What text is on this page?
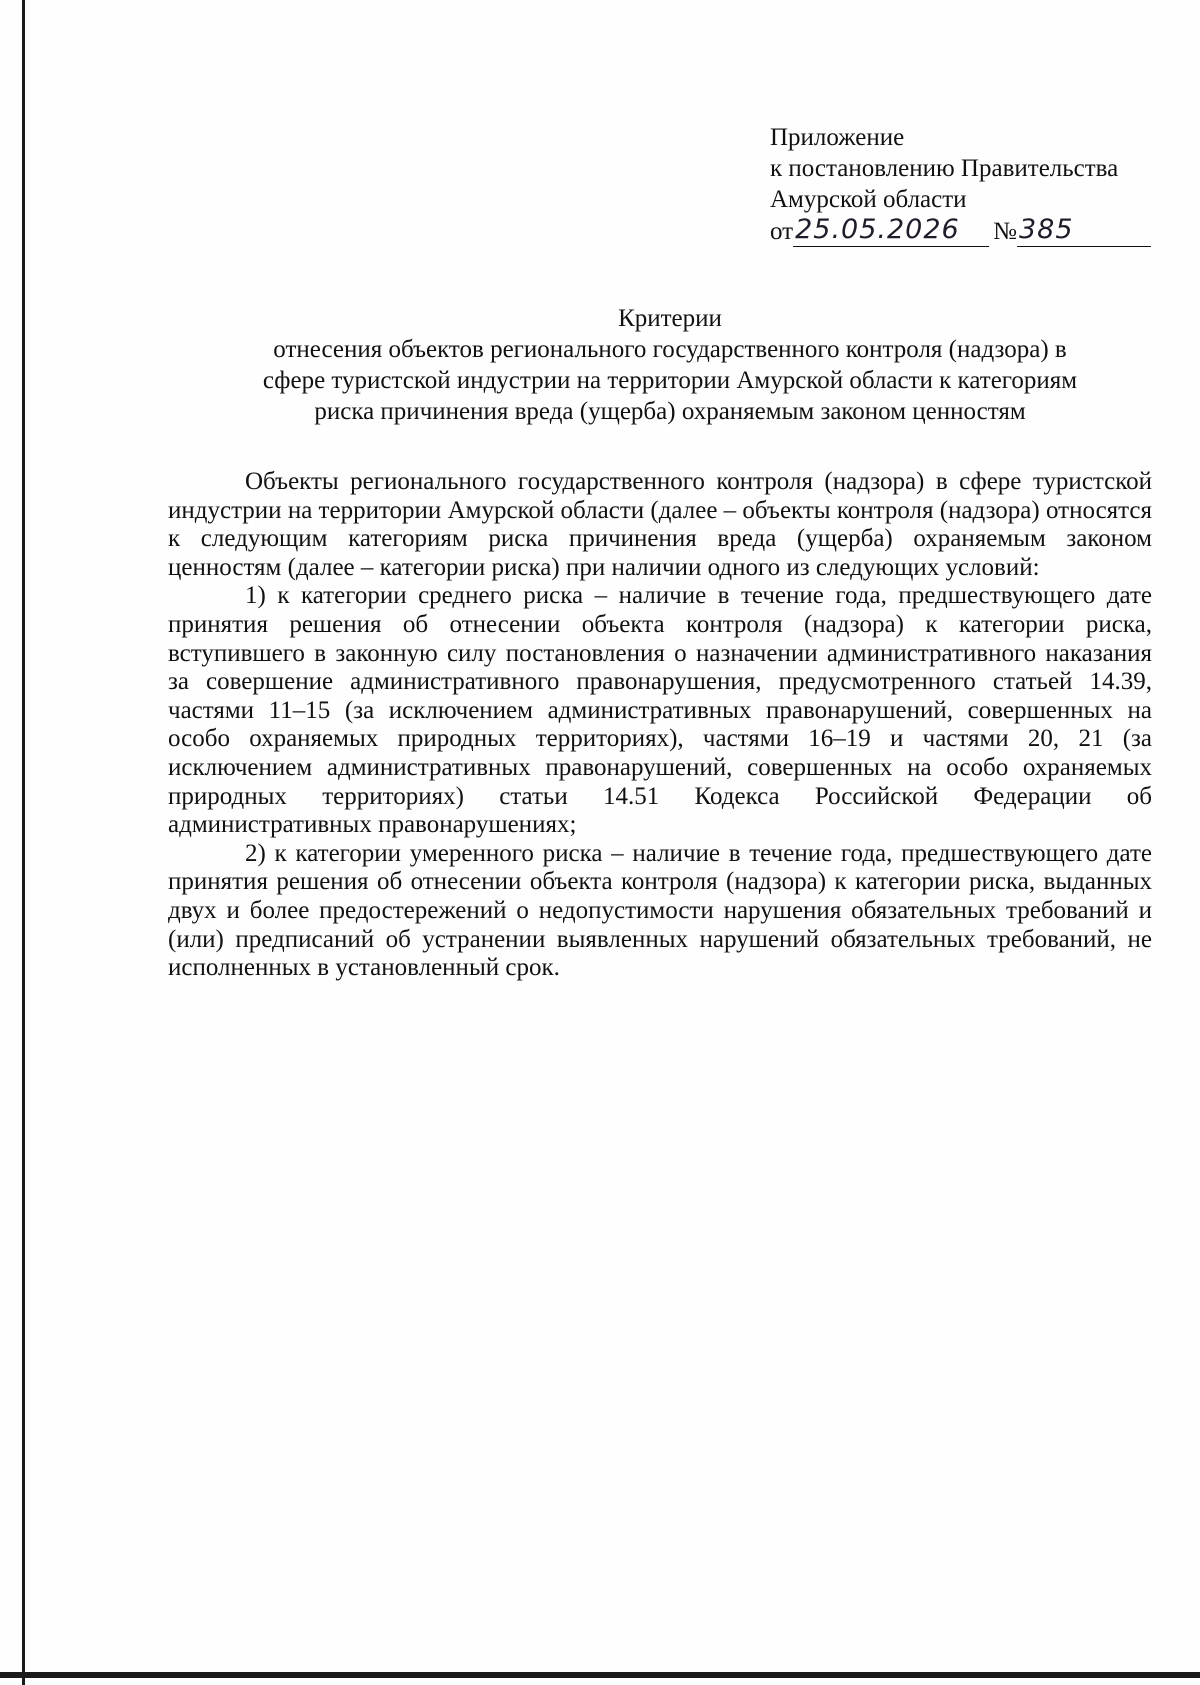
Приложение
к постановлению Правительства
Амурской области
от 25.05.2026	№ 385
Критерии
отнесения объектов регионального государственного контроля (надзора) в
сфере туристской индустрии на территории Амурской области к категориям
риска причинения вреда (ущерба) охраняемым законом ценностям

Объекты регионального государственного контроля (надзора) в сфере туристской индустрии на территории Амурской области (далее – объекты контроля (надзора) относятся к следующим категориям риска причинения вреда (ущерба) охраняемым законом ценностям (далее – категории риска) при наличии одного из следующих условий:

1) к категории среднего риска – наличие в течение года, предшествующего дате принятия решения об отнесении объекта контроля (надзора) к категории риска, вступившего в законную силу постановления о назначении административного наказания за совершение административного правонарушения, предусмотренного статьей 14.39, частями 11–15 (за исключением административных правонарушений, совершенных на особо охраняемых природных территориях), частями 16–19 и частями 20, 21 (за исключением административных правонарушений, совершенных на особо охраняемых природных территориях) статьи 14.51 Кодекса Российской Федерации об административных правонарушениях;

2) к категории умеренного риска – наличие в течение года, предшествующего дате принятия решения об отнесении объекта контроля (надзора) к категории риска, выданных двух и более предостережений о недопустимости нарушения обязательных требований и (или) предписаний об устранении выявленных нарушений обязательных требований, не исполненных в установленный срок.
